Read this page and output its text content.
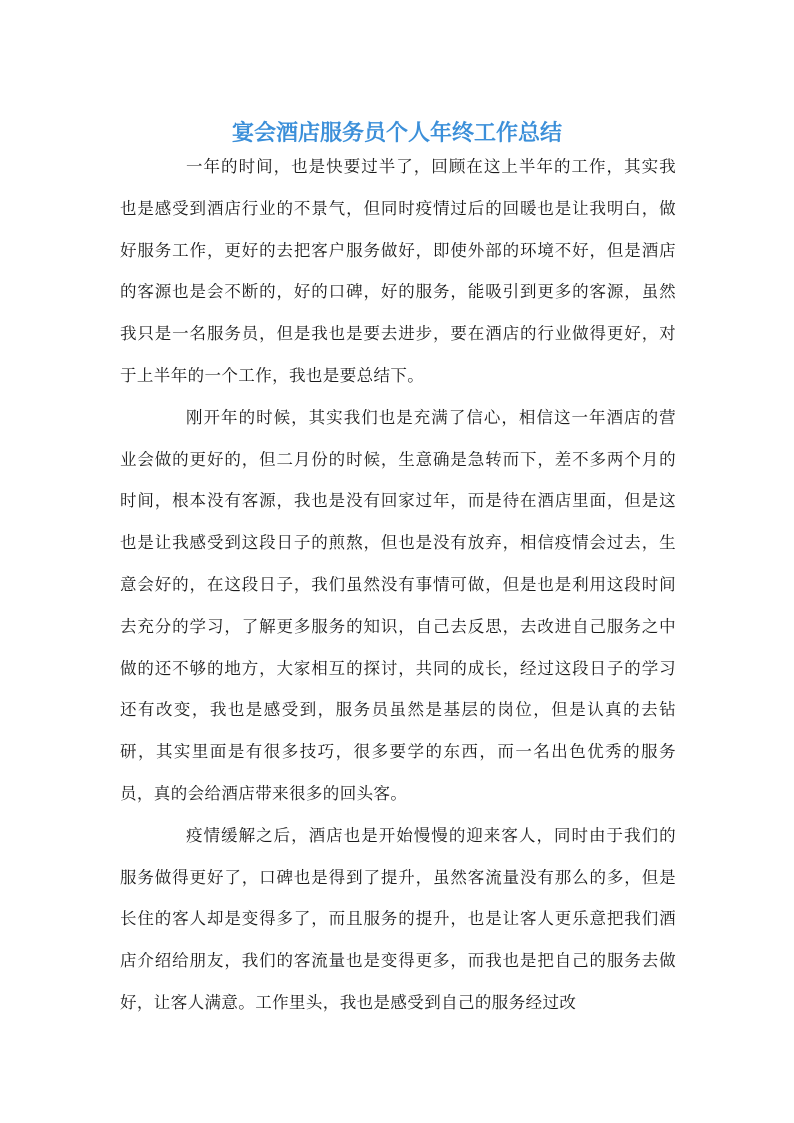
宴会酒店服务员个人年终工作总结

一年的时间，也是快要过半了，回顾在这上半年的工作，其实我也是感受到酒店行业的不景气，但同时疫情过后的回暖也是让我明白，做好服务工作，更好的去把客户服务做好，即使外部的环境不好，但是酒店的客源也是会不断的，好的口碑，好的服务，能吸引到更多的客源，虽然我只是一名服务员，但是我也是要去进步，要在酒店的行业做得更好，对于上半年的一个工作，我也是要总结下。

刚开年的时候，其实我们也是充满了信心，相信这一年酒店的营业会做的更好的，但二月份的时候，生意确是急转而下，差不多两个月的时间，根本没有客源，我也是没有回家过年，而是待在酒店里面，但是这也是让我感受到这段日子的煎熬，但也是没有放弃，相信疫情会过去，生意会好的，在这段日子，我们虽然没有事情可做，但是也是利用这段时间去充分的学习，了解更多服务的知识，自己去反思，去改进自己服务之中做的还不够的地方，大家相互的探讨，共同的成长，经过这段日子的学习还有改变，我也是感受到，服务员虽然是基层的岗位，但是认真的去钻研，其实里面是有很多技巧，很多要学的东西，而一名出色优秀的服务员，真的会给酒店带来很多的回头客。

疫情缓解之后，酒店也是开始慢慢的迎来客人，同时由于我们的服务做得更好了，口碑也是得到了提升，虽然客流量没有那么的多，但是长住的客人却是变得多了，而且服务的提升，也是让客人更乐意把我们酒店介绍给朋友，我们的客流量也是变得更多，而我也是把自己的服务去做好，让客人满意。工作里头，我也是感受到自己的服务经过改
